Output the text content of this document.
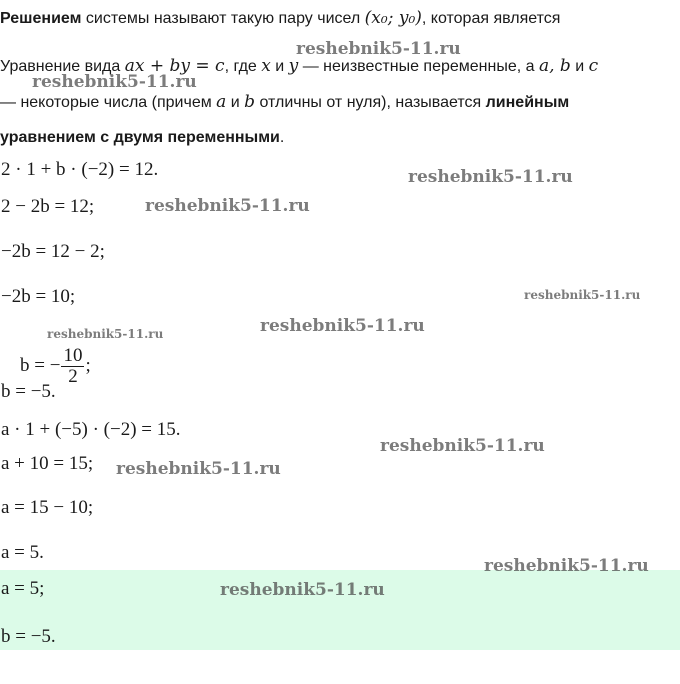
Решением системы называют такую пару чисел (x₀; y₀), которая является
Уравнение вида ax + by = c, где x и y — неизвестные переменные, а a, b и c
— некоторые числа (причем a и b отличны от нуля), называется линейным
уравнением с двумя переменными.
2 · 1 + b · (−2) = 12.
2 − 2b = 12;
−2b = 12 − 2;
−2b = 10;

b = − $\frac{10}{2}$ ;

b = −5.
a · 1 + (−5) · (−2) = 15.
a + 10 = 15;
a = 15 − 10;
a = 5.
a = 5;
b = −5.
reshebnik5-11.ru
reshebnik5-11.ru
reshebnik5-11.ru
reshebnik5-11.ru
reshebnik5-11.ru
reshebnik5-11.ru
reshebnik5-11.ru
reshebnik5-11.ru
reshebnik5-11.ru
reshebnik5-11.ru
reshebnik5-11.ru
